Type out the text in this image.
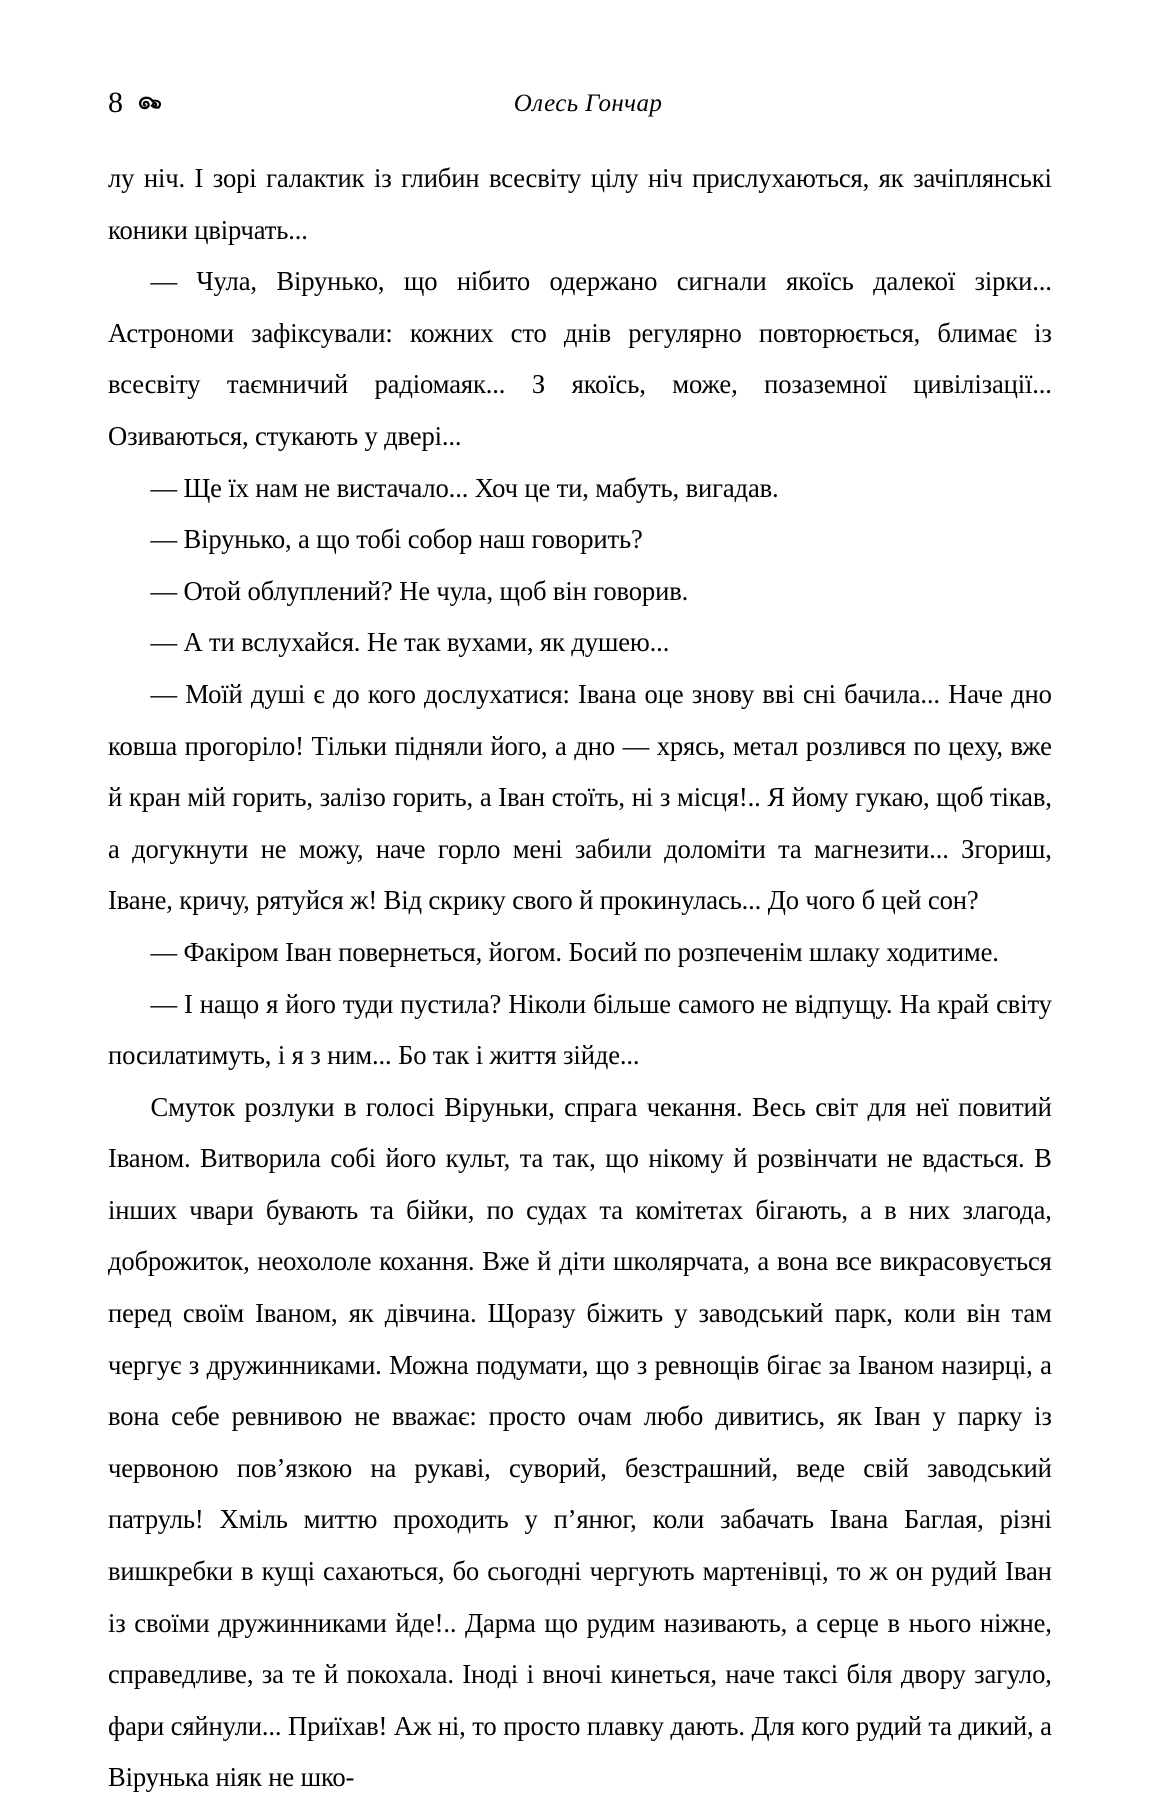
8	Олесь Гончар

лу ніч. І зорі галактик із глибин всесвіту цілу ніч прислухаються, як зачіплянські коники цвірчать...

— Чула, Вірунько, що нібито одержано сигнали якоїсь далекої зірки... Астрономи зафіксували: кожних сто днів регулярно повторюється, блимає із всесвіту таємничий радіомаяк... З якоїсь, може, позаземної цивілізації... Озиваються, стукають у двері...

— Ще їх нам не вистачало... Хоч це ти, мабуть, вигадав.

— Вірунько, а що тобі собор наш говорить?

— Отой облуплений? Не чула, щоб він говорив.

— А ти вслухайся. Не так вухами, як душею...

— Моїй душі є до кого дослухатися: Івана оце знову вві сні бачила... Наче дно ковша прогоріло! Тільки підняли його, а дно — хрясь, метал розлився по цеху, вже й кран мій горить, залізо горить, а Іван стоїть, ні з місця!.. Я йому гукаю, щоб тікав, а догукнути не можу, наче горло мені забили доломіти та магнезити... Згориш, Іване, кричу, рятуйся ж! Від скрику свого й прокинулась... До чого б цей сон?

— Факіром Іван повернеться, йогом. Босий по розпеченім шлаку ходитиме.

— І нащо я його туди пустила? Ніколи більше самого не відпущу. На край світу посилатимуть, і я з ним... Бо так і життя зійде...

Смуток розлуки в голосі Віруньки, спрага чекання. Весь світ для неї повитий Іваном. Витворила собі його культ, та так, що нікому й розвінчати не вдасться. В інших чвари бувають та бійки, по судах та комітетах бігають, а в них злагода, доброжиток, неохололе кохання. Вже й діти школярчата, а вона все викрасовується перед своїм Іваном, як дівчина. Щоразу біжить у заводський парк, коли він там чергує з дружинниками. Можна подумати, що з ревнощів бігає за Іваном назирці, а вона себе ревнивою не вважає: просто очам любо дивитись, як Іван у парку із червоною пов’язкою на рукаві, суворий, безстрашний, веде свій заводський патруль! Хміль миттю проходить у п’янюг, коли забачать Івана Баглая, різні вишкребки в кущі сахаються, бо сьогодні чергують мартенівці, то ж он рудий Іван із своїми дружинниками йде!.. Дарма що рудим називають, а серце в нього ніжне, справедливе, за те й покохала. Іноді і вночі кинеться, наче таксі біля двору загуло, фари сяйнули... Приїхав! Аж ні, то просто плавку дають. Для кого рудий та дикий, а Вірунька ніяк не шко-
